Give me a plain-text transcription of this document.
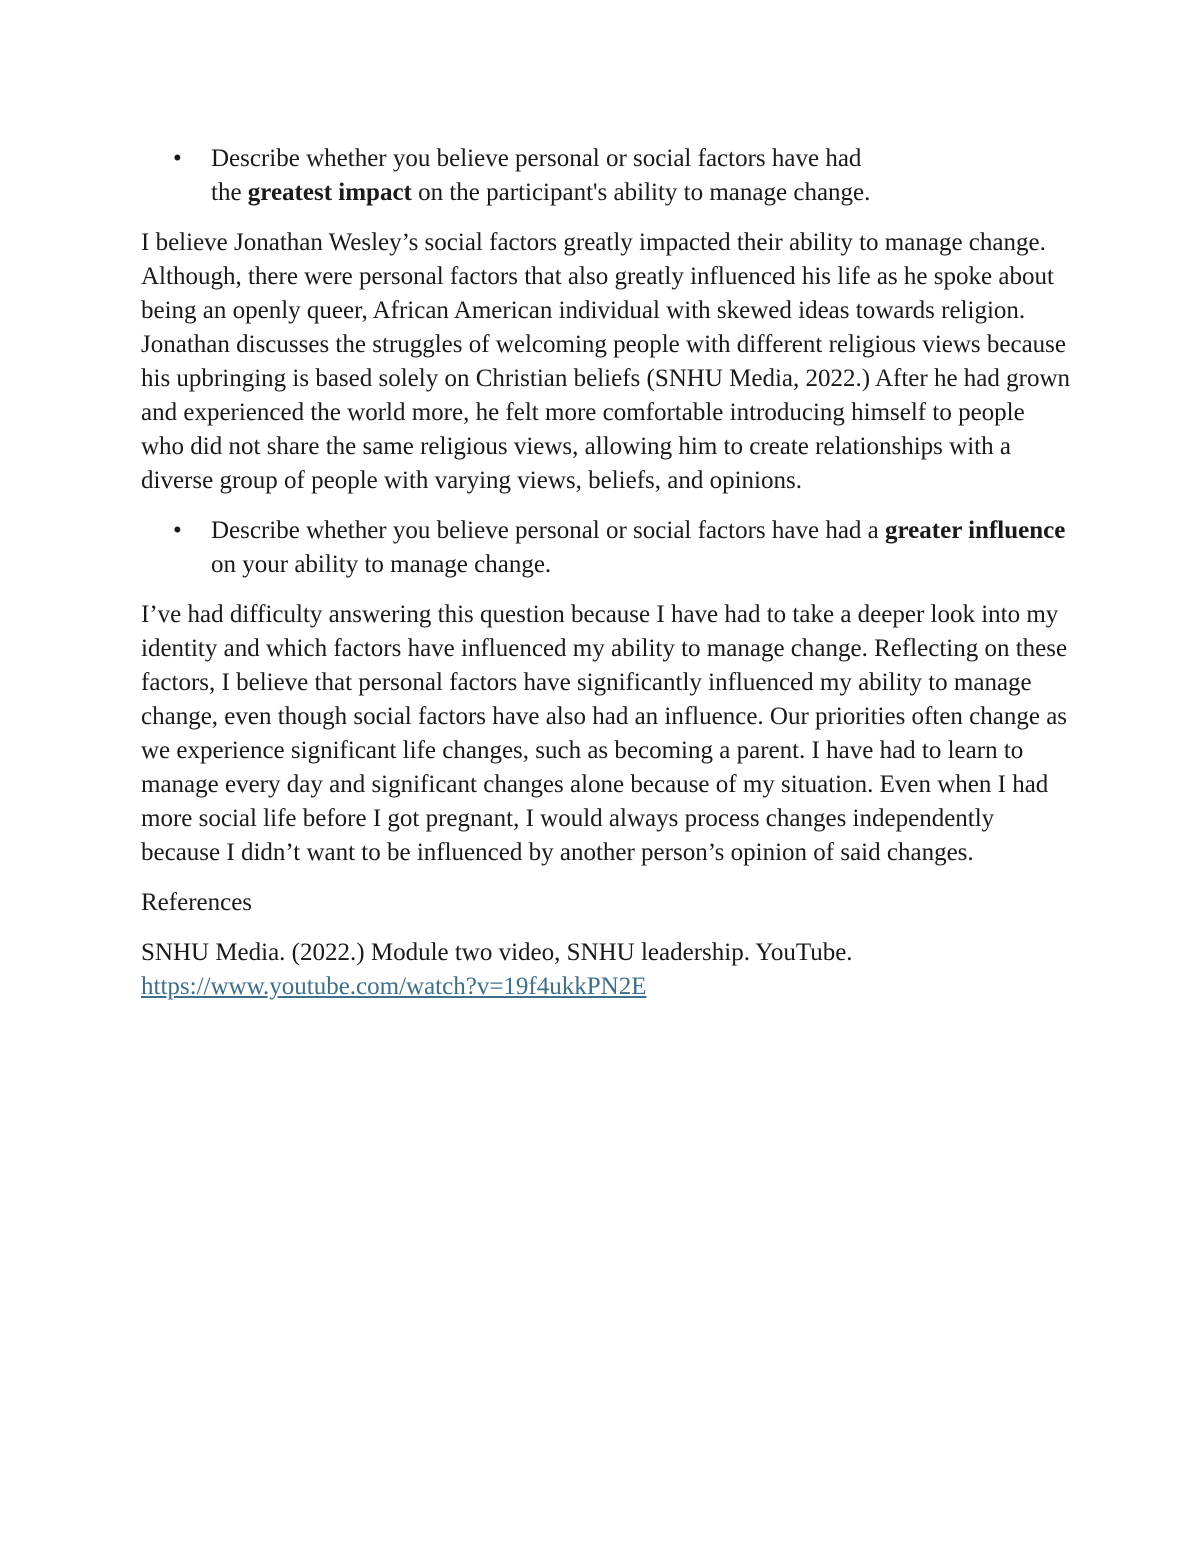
• Describe whether you believe personal or social factors have had
the greatest impact on the participant's ability to manage change.

I believe Jonathan Wesley’s social factors greatly impacted their ability to manage change. Although, there were personal factors that also greatly influenced his life as he spoke about being an openly queer, African American individual with skewed ideas towards religion. Jonathan discusses the struggles of welcoming people with different religious views because his upbringing is based solely on Christian beliefs (SNHU Media, 2022.) After he had grown and experienced the world more, he felt more comfortable introducing himself to people who did not share the same religious views, allowing him to create relationships with a diverse group of people with varying views, beliefs, and opinions.

• Describe whether you believe personal or social factors have had a greater influence on your ability to manage change.

I’ve had difficulty answering this question because I have had to take a deeper look into my identity and which factors have influenced my ability to manage change. Reflecting on these factors, I believe that personal factors have significantly influenced my ability to manage change, even though social factors have also had an influence. Our priorities often change as we experience significant life changes, such as becoming a parent. I have had to learn to manage every day and significant changes alone because of my situation. Even when I had more social life before I got pregnant, I would always process changes independently because I didn’t want to be influenced by another person’s opinion of said changes.

References

SNHU Media. (2022.) Module two video, SNHU leadership. YouTube.
https://www.youtube.com/watch?v=19f4ukkPN2E
